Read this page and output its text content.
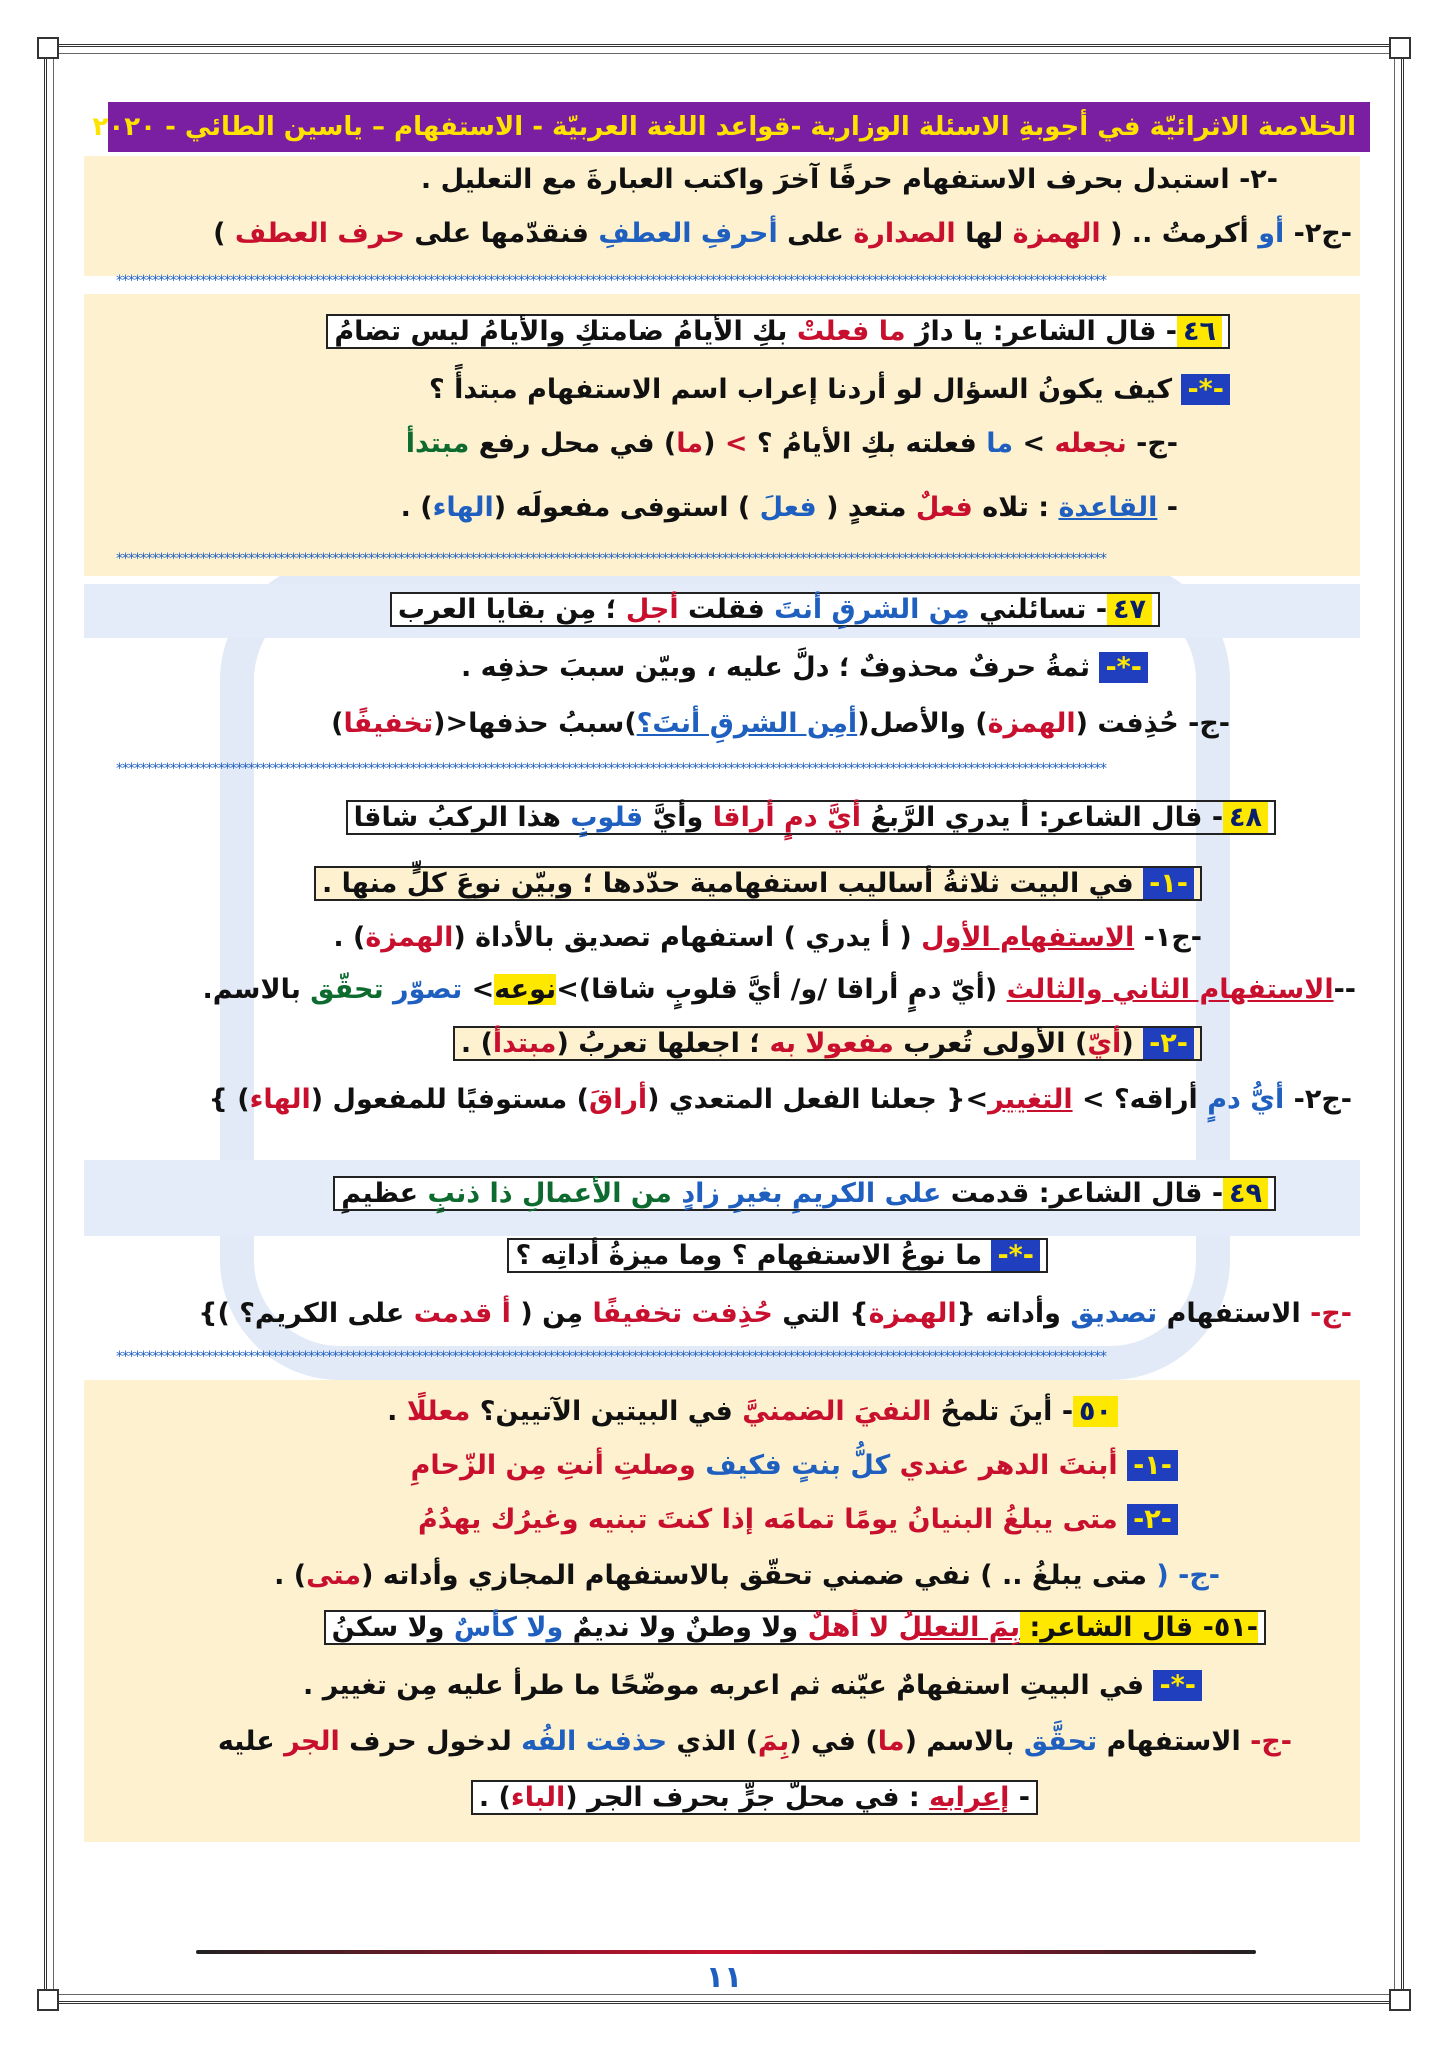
الخلاصة الاثرائيّة في أجوبةِ الاسئلة الوزارية -قواعد اللغة العربيّة - الاستفهام – ياسين الطائي - ٢٠٢٠
-٢- استبدل بحرف الاستفهام حرفًا آخرَ واكتب العبارةَ مع التعليل .
-ج٢- أو أكرمتُ .. ( الهمزة لها الصدارة على أحرفِ العطفِ فنقدّمها على حرف العطف )
*********************************************************************************************************************************************************************
٤٦- قال الشاعر: يا دارُ ما فعلتْ بكِ الأيامُ ضامتكِ والأيامُ ليس تضامُ
-*- كيف يكونُ السؤال لو أردنا إعراب اسم الاستفهام مبتدأً ؟
-ج- نجعله > ما فعلته بكِ الأيامُ ؟ > (ما) في محل رفع مبتدأ
- القاعدة : تلاه فعلٌ متعدٍ ( فعلَ ) استوفى مفعولَه (الهاء) .
*********************************************************************************************************************************************************************
٤٧- تسائلني مِن الشرقِ أنتَ فقلت أجل ؛ مِن بقايا العرب
-*- ثمةُ حرفٌ محذوفٌ ؛ دلَّ عليه ، وبيّن سببَ حذفِه .
-ج- حُذِفت (الهمزة) والأصل(أمِن الشرقِ أنتَ؟)سببُ حذفها<(تخفيفًا)
*********************************************************************************************************************************************************************
٤٨- قال الشاعر: أ يدري الرَّبعُ أيَّ دمٍ أراقا وأيَّ قلوبٍ هذا الركبُ شاقا
-١- في البيت ثلاثةُ أساليب استفهامية حدّدها ؛ وبيّن نوعَ كلٍّ منها .
-ج١- الاستفهام الأول ( أ يدري ) استفهام تصديق بالأداة (الهمزة) .
--الاستفهام الثاني والثالث (أيّ دمٍ أراقا /و/ أيَّ قلوبٍ شاقا)>نوعه> تصوّر تحقّق بالاسم.
-٢- (أيّ) الأولى تُعرب مفعولا به ؛ اجعلها تعربُ (مبتدأ) .
-ج٢- أيُّ دمٍ أراقه؟ > التغيير>{ جعلنا الفعل المتعدي (أراقَ) مستوفيًا للمفعول (الهاء) }
٤٩- قال الشاعر: قدمت على الكريمِ بغيرِ زادٍ من الأعمالِ ذا ذنبٍ عظيمِ
-*- ما نوعُ الاستفهام ؟ وما ميزةُ أداتِه ؟
-ج- الاستفهام تصديق وأداته {الهمزة} التي حُذِفت تخفيفًا مِن ( أ قدمت على الكريم؟ )}
*********************************************************************************************************************************************************************
٥٠- أينَ تلمحُ النفيَ الضمنيَّ في البيتين الآتيين؟ معللًا .
-١- أبنتَ الدهر عندي كلُّ بنتٍ فكيف وصلتِ أنتِ مِن الزّحامِ
-٢- متى يبلغُ البنيانُ يومًا تمامَه إذا كنتَ تبنيه وغيرُك يهدُمُ
-ج- ( متى يبلغُ .. ) نفي ضمني تحقّق بالاستفهام المجازي وأداته (متى) .
-٥١- قال الشاعر: بِمَ التعللُ لا أهلٌ ولا وطنٌ ولا نديمٌ ولا كأسٌ ولا سكنُ
-*- في البيتِ استفهامٌ عيّنه ثم اعربه موضّحًا ما طرأ عليه مِن تغيير .
-ج- الاستفهام تحقَّق بالاسم (ما) في (بِمَ) الذي حذفت الفُه لدخول حرف الجر عليه
- إعرابه : في محلّ جرٍّ بحرف الجر (الباء) .
١١
